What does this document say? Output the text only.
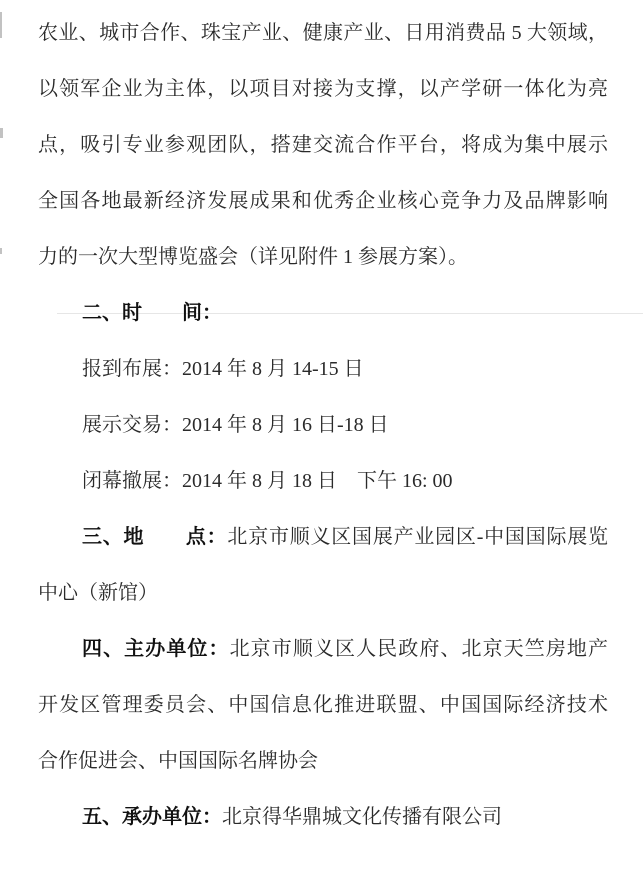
农业、城市合作、珠宝产业、健康产业、日用消费品 5 大领域，
以领军企业为主体，以项目对接为支撑，以产学研一体化为亮
点，吸引专业参观团队，搭建交流合作平台，将成为集中展示
全国各地最新经济发展成果和优秀企业核心竞争力及品牌影响
力的一次大型博览盛会（详见附件 1 参展方案）。
二、时　　间：
报到布展：2014 年 8 月 14-15 日
展示交易：2014 年 8 月 16 日-18 日
闭幕撤展：2014 年 8 月 18 日　下午 16: 00
三、地　　点：北京市顺义区国展产业园区-中国国际展览
中心（新馆）
四、主办单位：北京市顺义区人民政府、北京天竺房地产
开发区管理委员会、中国信息化推进联盟、中国国际经济技术
合作促进会、中国国际名牌协会
五、承办单位：北京得华鼎城文化传播有限公司
